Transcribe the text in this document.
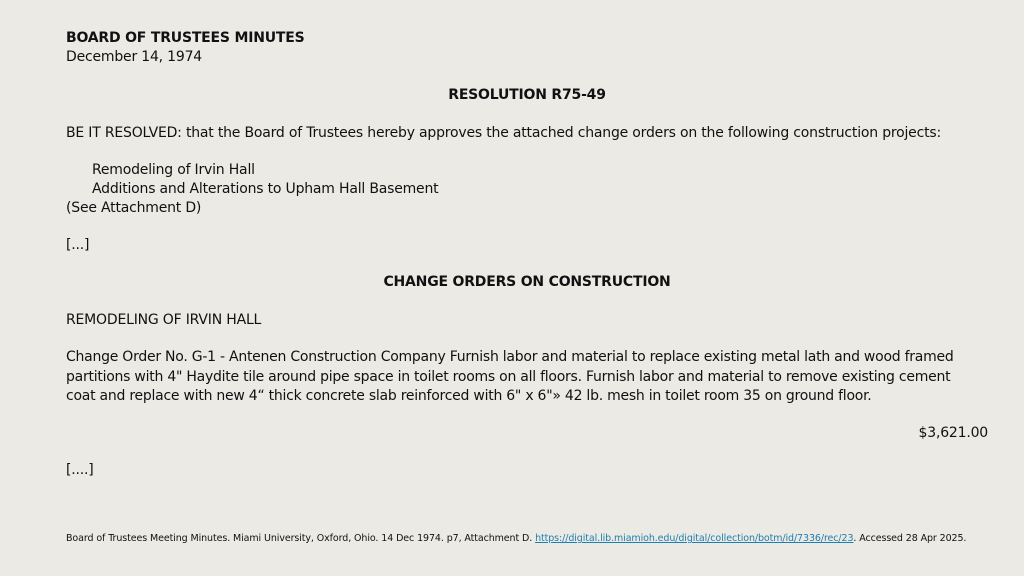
BOARD OF TRUSTEES MINUTES
December 14, 1974
RESOLUTION R75-49
BE IT RESOLVED: that the Board of Trustees hereby approves the attached change orders on the following construction projects:
Remodeling of Irvin Hall
Additions and Alterations to Upham Hall Basement
(See Attachment D)
[...]
CHANGE ORDERS ON CONSTRUCTION
REMODELING OF IRVIN HALL
Change Order No. G-1 - Antenen Construction Company Furnish labor and material to replace existing metal lath and wood framed partitions with 4" Haydite tile around pipe space in toilet rooms on all floors. Furnish labor and material to remove existing cement coat and replace with new 4“ thick concrete slab reinforced with 6" x 6"» 42 lb. mesh in toilet room 35 on ground floor.
$3,621.00
[....]
Board of Trustees Meeting Minutes. Miami University, Oxford, Ohio. 14 Dec 1974. p7, Attachment D. https://digital.lib.miamioh.edu/digital/collection/botm/id/7336/rec/23. Accessed 28 Apr 2025.
